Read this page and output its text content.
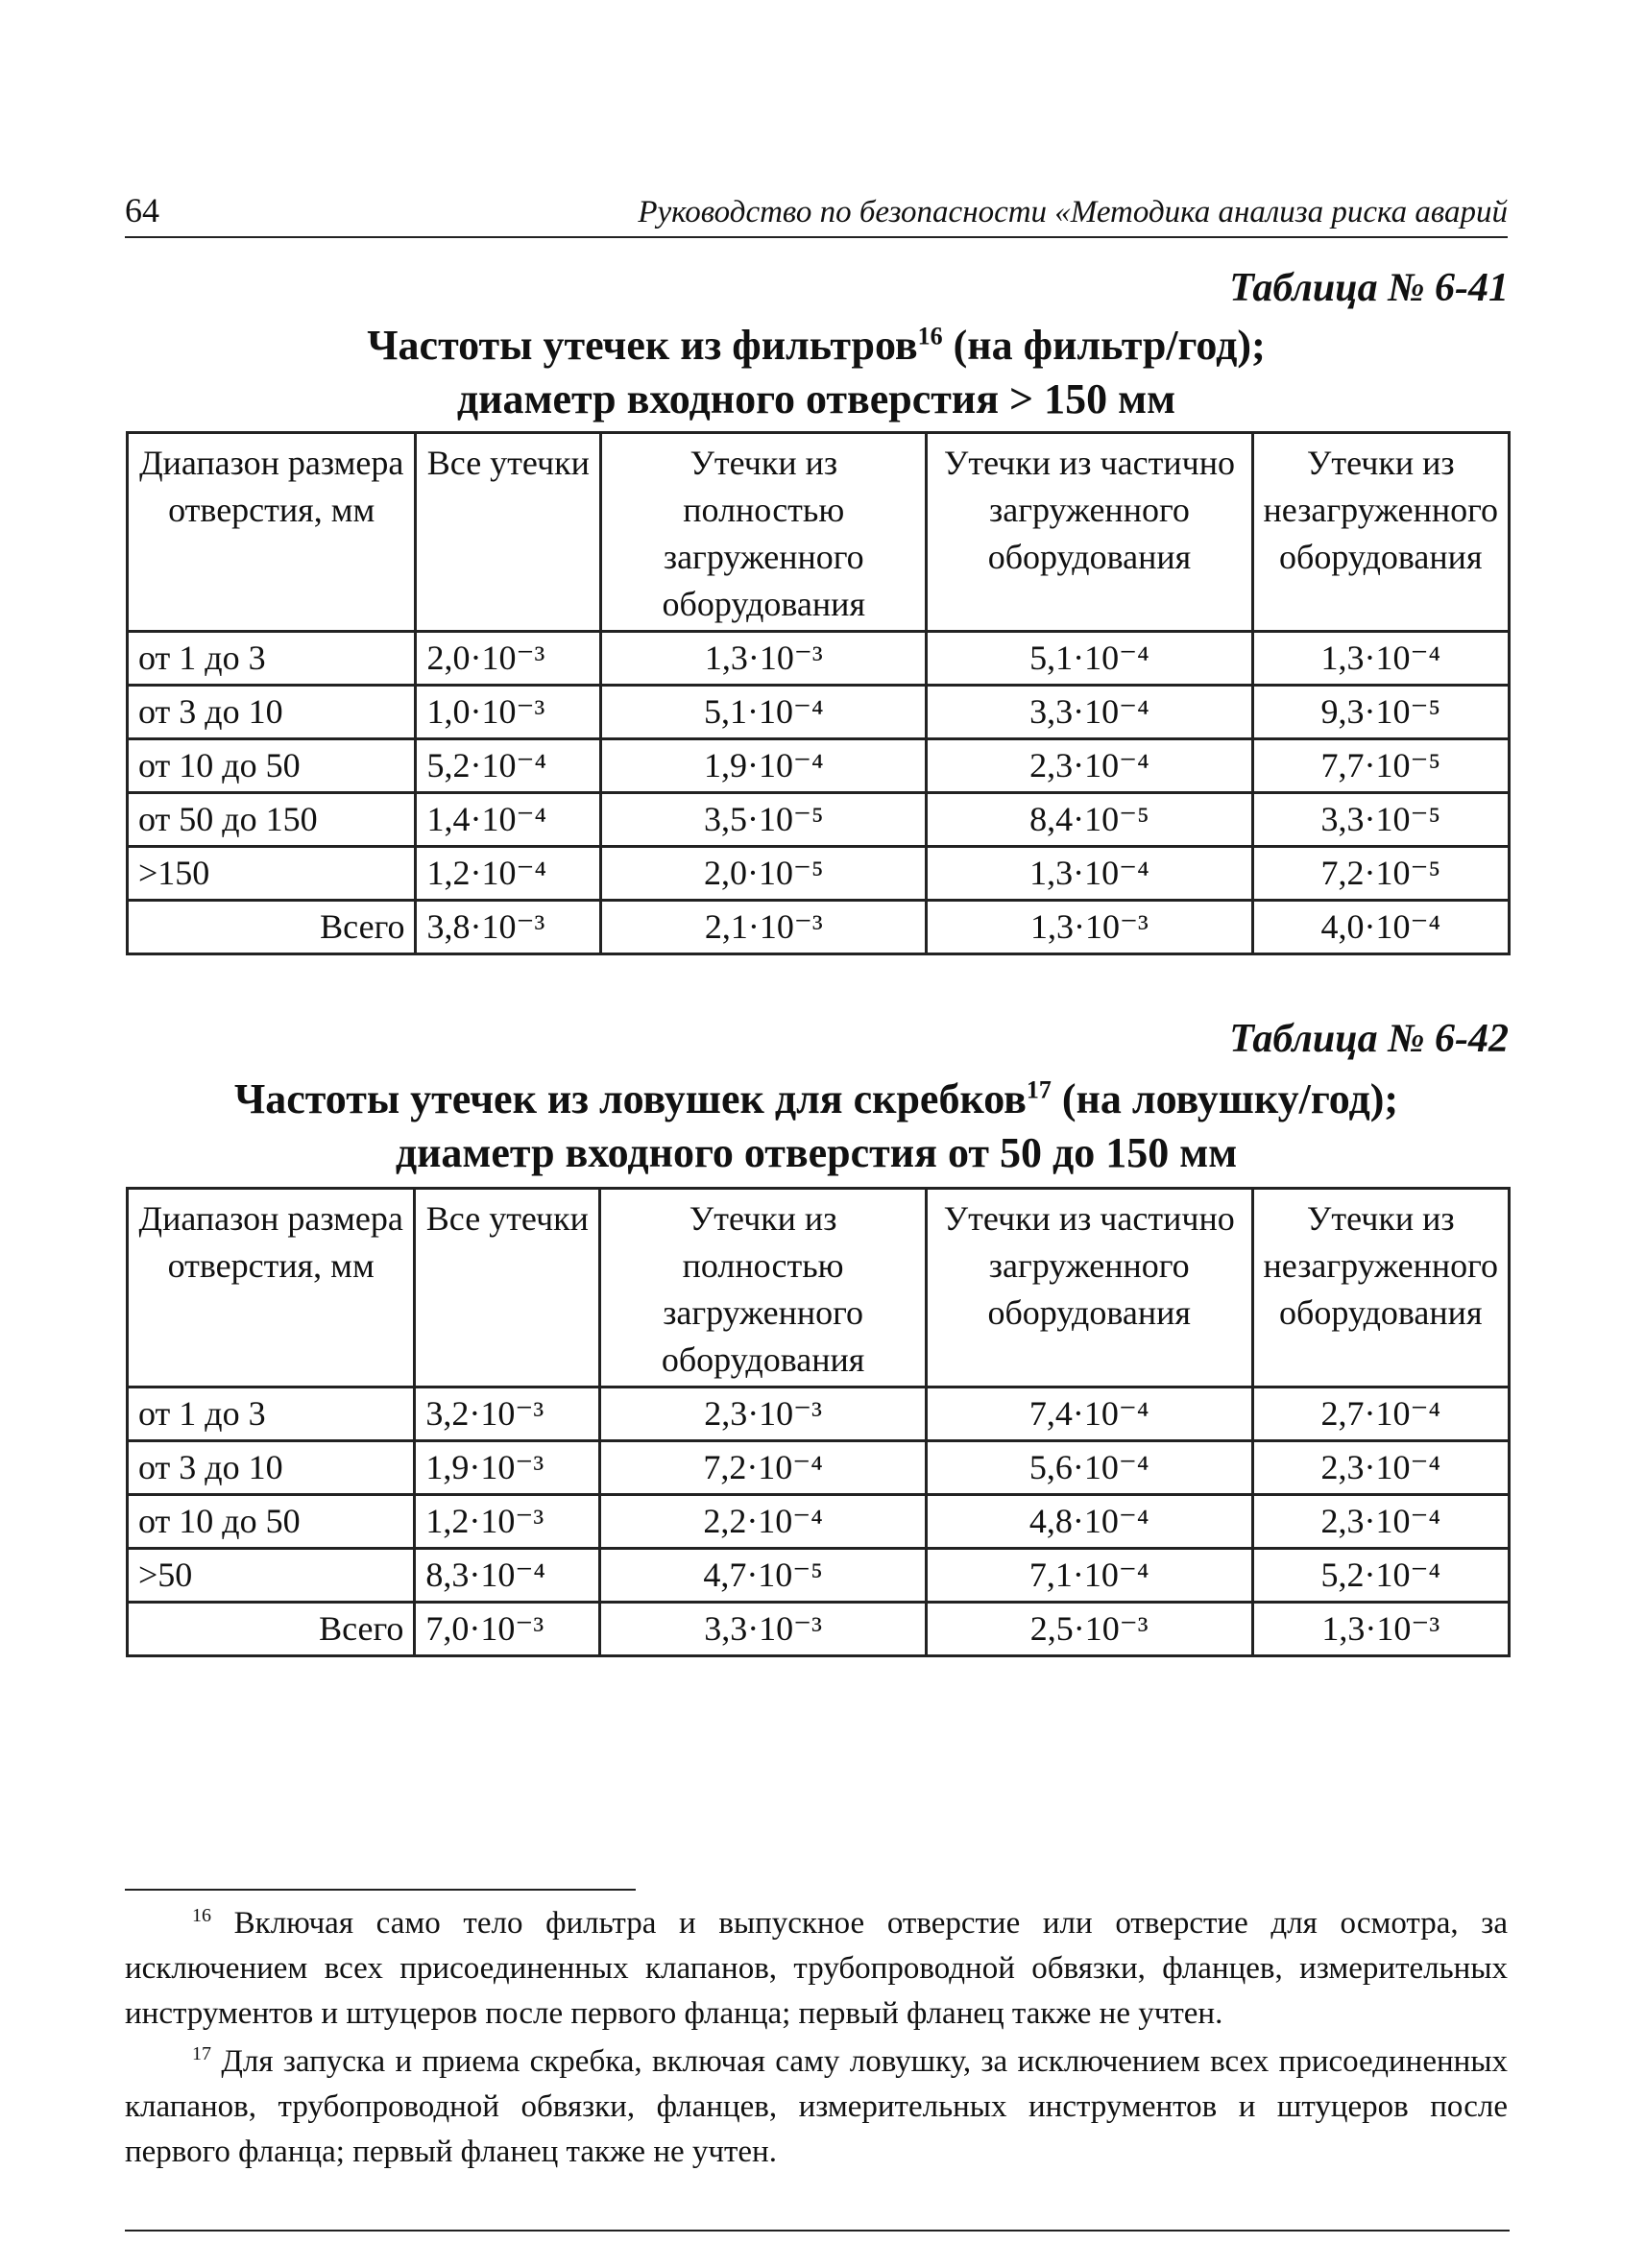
64	Руководство по безопасности «Методика анализа риска аварий
Таблица № 6-41
Частоты утечек из фильтров$^{16}$ (на фильтр/год);
диаметр входного отверстия > 150 мм
Диапазон размера отверстия, мм	Все утечки	Утечки из полностью загруженного оборудования	Утечки из частично загруженного оборудования	Утечки из незагруженного оборудования
от 1 до 3	2,0·10⁻³	1,3·10⁻³	5,1·10⁻⁴	1,3·10⁻⁴
от 3 до 10	1,0·10⁻³	5,1·10⁻⁴	3,3·10⁻⁴	9,3·10⁻⁵
от 10 до 50	5,2·10⁻⁴	1,9·10⁻⁴	2,3·10⁻⁴	7,7·10⁻⁵
от 50 до 150	1,4·10⁻⁴	3,5·10⁻⁵	8,4·10⁻⁵	3,3·10⁻⁵
>150	1,2·10⁻⁴	2,0·10⁻⁵	1,3·10⁻⁴	7,2·10⁻⁵
Всего	3,8·10⁻³	2,1·10⁻³	1,3·10⁻³	4,0·10⁻⁴
Таблица № 6-42
Частоты утечек из ловушек для скребков$^{17}$ (на ловушку/год);
диаметр входного отверстия от 50 до 150 мм
Диапазон размера отверстия, мм	Все утечки	Утечки из полностью загруженного оборудования	Утечки из частично загруженного оборудования	Утечки из незагруженного оборудования
от 1 до 3	3,2·10⁻³	2,3·10⁻³	7,4·10⁻⁴	2,7·10⁻⁴
от 3 до 10	1,9·10⁻³	7,2·10⁻⁴	5,6·10⁻⁴	2,3·10⁻⁴
от 10 до 50	1,2·10⁻³	2,2·10⁻⁴	4,8·10⁻⁴	2,3·10⁻⁴
>50	8,3·10⁻⁴	4,7·10⁻⁵	7,1·10⁻⁴	5,2·10⁻⁴
Всего	7,0·10⁻³	3,3·10⁻³	2,5·10⁻³	1,3·10⁻³
$^{16}$ Включая само тело фильтра и выпускное отверстие или отверстие для осмотра, за исключением всех присоединенных клапанов, трубопроводной обвязки, фланцев, измерительных инструментов и штуцеров после первого фланца; первый фланец также не учтен.
$^{17}$ Для запуска и приема скребка, включая саму ловушку, за исключением всех присоединенных клапанов, трубопроводной обвязки, фланцев, измерительных инструментов и штуцеров после первого фланца; первый фланец также не учтен.
